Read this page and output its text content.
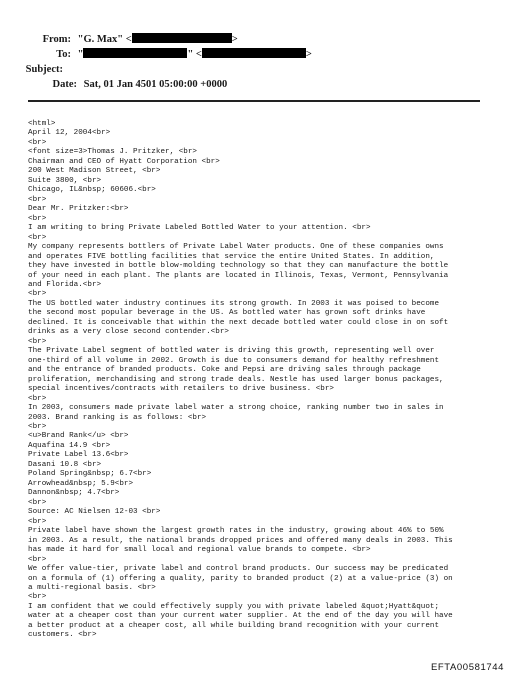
From: "G. Max" <	>
To: "	" <	>
Subject:
Date: Sat, 01 Jan 4501 05:00:00 +0000
<html>
April 12, 2004<br>
<br>
<font size=3>Thomas J. Pritzker, <br>
Chairman and CEO of Hyatt Corporation <br>
200 West Madison Street, <br>
Suite 3800, <br>
Chicago, IL&nbsp; 60606.<br>
<br>
Dear Mr. Pritzker:<br>
<br>
I am writing to bring Private Labeled Bottled Water to your attention. <br>
<br>
My company represents bottlers of Private Label Water products. One of these companies owns
and operates FIVE bottling facilities that service the entire United States. In addition,
they have invested in bottle blow-molding technology so that they can manufacture the bottle
of your need in each plant. The plants are located in Illinois, Texas, Vermont, Pennsylvania
and Florida.<br>
<br>
The US bottled water industry continues its strong growth. In 2003 it was poised to become
the second most popular beverage in the US. As bottled water has grown soft drinks have
declined. It is conceivable that within the next decade bottled water could close in on soft
drinks as a very close second contender.<br>
<br>
The Private Label segment of bottled water is driving this growth, representing well over
one-third of all volume in 2002. Growth is due to consumers demand for healthy refreshment
and the entrance of branded products. Coke and Pepsi are driving sales through package
proliferation, merchandising and strong trade deals. Nestle has used larger bonus packages,
special incentives/contracts with retailers to drive business. <br>
<br>
In 2003, consumers made private label water a strong choice, ranking number two in sales in
2003. Brand ranking is as follows: <br>
<br>
<u>Brand Rank</u> <br>
Aquafina 14.9 <br>
Private Label 13.6<br>
Dasani 10.8 <br>
Poland Spring&nbsp; 6.7<br>
Arrowhead&nbsp; 5.9<br>
Dannon&nbsp; 4.7<br>
<br>
Source: AC Nielsen 12-03 <br>
<br>
Private label have shown the largest growth rates in the industry, growing about 46% to 50%
in 2003. As a result, the national brands dropped prices and offered many deals in 2003. This
has made it hard for small local and regional value brands to compete. <br>
<br>
We offer value-tier, private label and control brand products. Our success may be predicated
on a formula of (1) offering a quality, parity to branded product (2) at a value-price (3) on
a multi-regional basis. <br>
<br>
I am confident that we could effectively supply you with private labeled &quot;Hyatt&quot;
water at a cheaper cost than your current water supplier. At the end of the day you will have
a better product at a cheaper cost, all while building brand recognition with your current
customers. <br>
EFTA00581744
